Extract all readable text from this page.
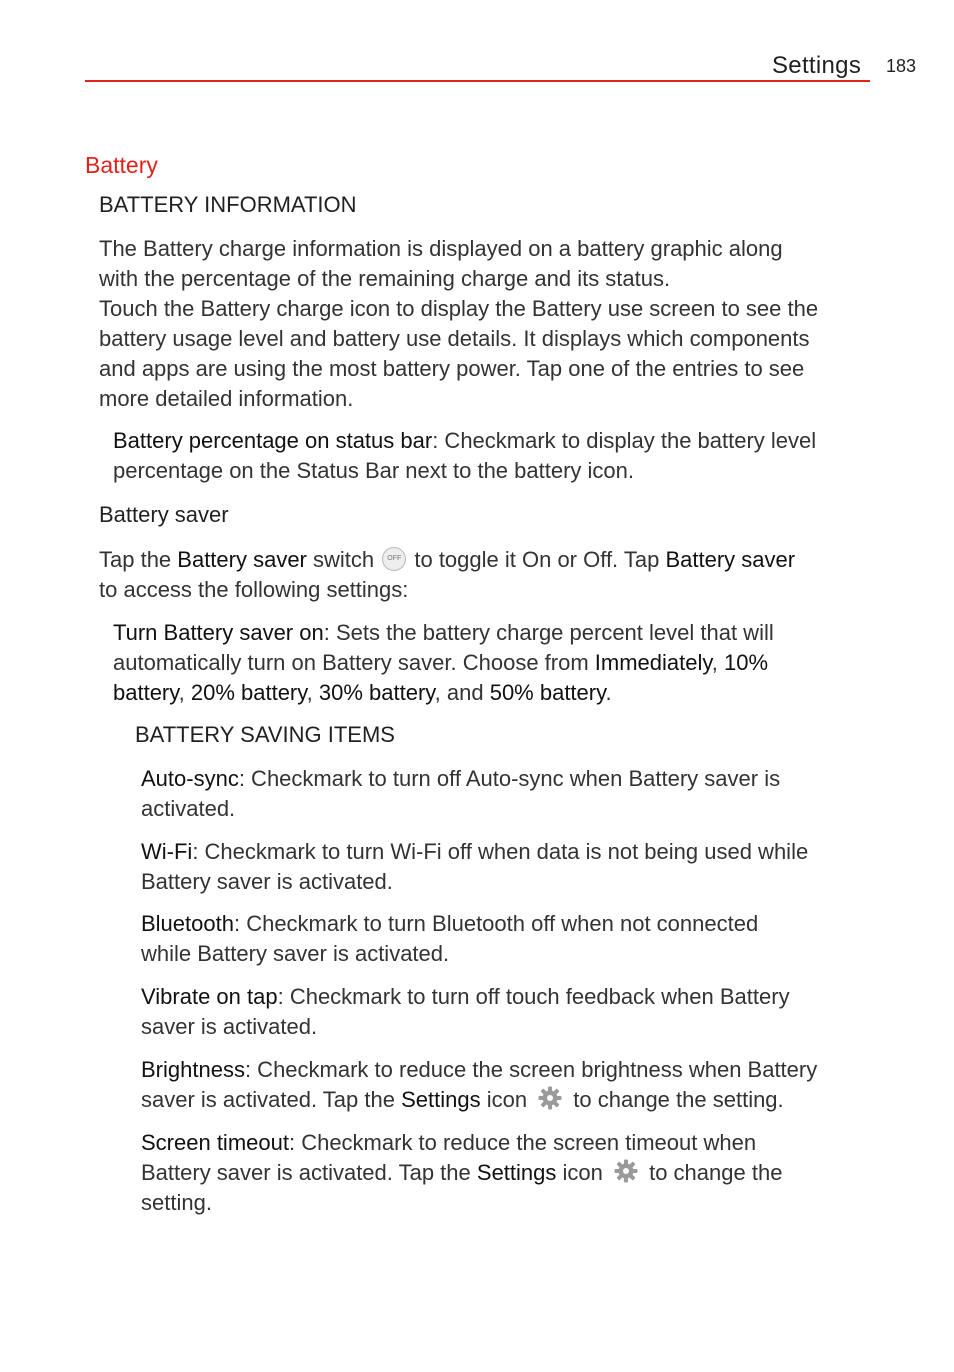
Settings 183
Battery
BATTERY INFORMATION
The Battery charge information is displayed on a battery graphic along
with the percentage of the remaining charge and its status.
Touch the Battery charge icon to display the Battery use screen to see the
battery usage level and battery use details. It displays which components
and apps are using the most battery power. Tap one of the entries to see
more detailed information.
Battery percentage on status bar: Checkmark to display the battery level
percentage on the Status Bar next to the battery icon.
Battery saver
Tap the Battery saver switch	OFF to toggle it On or Off. Tap Battery saver
to access the following settings:
Turn Battery saver on: Sets the battery charge percent level that will
automatically turn on Battery saver. Choose from Immediately, 10%
battery, 20% battery, 30% battery, and 50% battery.
BATTERY SAVING ITEMS
Auto-sync: Checkmark to turn off Auto-sync when Battery saver is
activated.
Wi-Fi: Checkmark to turn Wi-Fi off when data is not being used while
Battery saver is activated.
Bluetooth: Checkmark to turn Bluetooth off when not connected
while Battery saver is activated.
Vibrate on tap: Checkmark to turn off touch feedback when Battery
saver is activated.
Brightness: Checkmark to reduce the screen brightness when Battery
saver is activated. Tap the Settings icon  to change the setting.
Screen timeout: Checkmark to reduce the screen timeout when
Battery saver is activated. Tap the Settings icon  to change the
setting.
